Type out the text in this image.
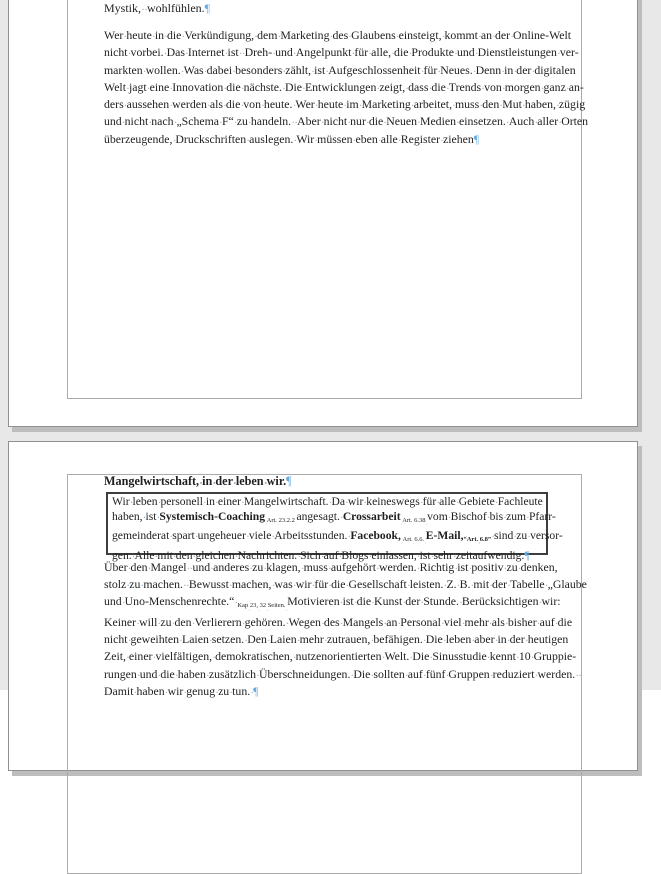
Mystik, · · wohlfühlen.¶
Wer · heute · in · die · Verkündigung, · dem · Marketing · des · Glaubens · einsteigt, · kommt · an · der · Online-Welt
nicht · vorbei. · Das · Internet · ist · · Dreh- · und · Angelpunkt · für · alle, · die · Produkte · und · Dienstleistungen · ver-
markten · wollen. · Was · dabei · besonders · zählt, · ist · Aufgeschlossenheit · für · Neues. · Denn · in · der · digitalen
Welt · jagt · eine · Innovation · die · nächste. · Die · Entwicklungen · zeigt, · dass · die · Trends · von · morgen · ganz · an-
ders · aussehen · werden · als · die · von · heute. · Wer · heute · im · Marketing · arbeitet, · muss · den · Mut · haben, · zügig
und · nicht · nach · „Schema · F“ · zu · handeln. · · Aber · nicht · nur · die · Neuen · Medien · einsetzen. · Auch · aller · Orten
überzeugende, · Druckschriften · auslegen. · Wir · müssen · eben · alle · Register · ziehen¶
Mangelwirtschaft, · in · der · leben · wir.¶
Wir · leben · personell · in · einer · Mangelwirtschaft. · Da · wir · keineswegs · für · alle · Gebiete · Fachleute
haben, · ist · Systemisch-Coaching · $_{Art. \cdot 23.2.2}$ · angesagt. · Crossarbeit · $_{Art. \cdot 6.38}$ · vom · Bischof · bis · zum · Pfarr-
gemeinderat · spart · ungeheuer · viele · Arbeitsstunden. · Facebook, · $_{Art. \cdot 6.6.}$ · E-Mail,“Art. · 6.8” · sind · zu · versor-
gen. · Alle · mit · den · gleichen · Nachrichten. · Sich · auf · Blogs · einlassen, · ist · sehr · zeitaufwendig.¶
Über · den · Mangel · · und · anderes · zu · klagen, · muss · aufgehört · werden. · Richtig · ist · positiv · zu · denken,
stolz · zu · machen. · · Bewusst · machen, · was · wir · für · die · Gesellschaft · leisten. · Z. · B. · mit · der · Tabelle · „Glaube
und · Uno-Menschenrechte.“ · $_{Kap \cdot 23, \cdot 32 \cdot Seiten.}$ · Motivieren · ist · die · Kunst · der · Stunde. · Berücksichtigen · wir:
Keiner · will · zu · den · Verlierern · gehören. · Wegen · des · Mangels · an · Personal · viel · mehr · als · bisher · auf · die
nicht · geweihten · Laien · setzen. · Den · Laien · mehr · zutrauen, · befähigen. · Die · leben · aber · in · der · heutigen
Zeit, · einer · vielfältigen, · demokratischen, · nutzenorientierten · Welt. · Die · Sinusstudie · kennt · 10 · Gruppie-
rungen · und · die · haben · zusätzlich · Überschneidungen. · Die · sollten · auf · fünf · Gruppen · reduziert · werden.  ·  ·
Damit · haben · wir · genug · zu · tun. · ¶
